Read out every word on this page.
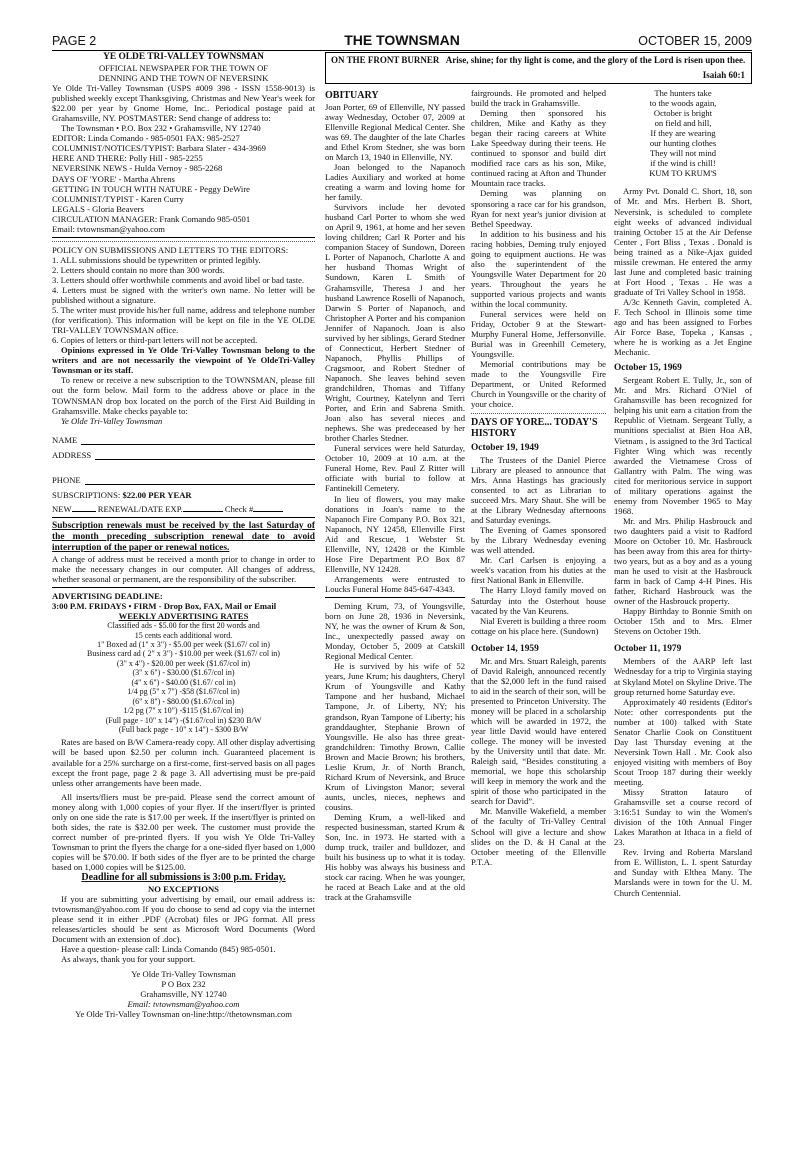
PAGE 2	THE TOWNSMAN	OCTOBER 15, 2009
YE OLDE TRI-VALLEY TOWNSMAN
OFFICIAL NEWSPAPER FOR THE TOWN OF
DENNING AND THE TOWN OF NEVERSINK

Ye Olde Tri-Valley Townsman (USPS #009 398 - ISSN 1558-9013) is published weekly except Thanksgiving, Christmas and New Year's week for $22.00 per year by Gnome Home, Inc.. Periodical postage paid at Grahamsville, NY. POSTMASTER: Send change of address to:

The Townsman • P.O. Box 232 • Grahamsville, NY 12740

EDITOR: Linda Comando - 985-0501 FAX: 985-2527

COLUMNIST/NOTICES/TYPIST: Barbara Slater - 434-3969

HERE AND THERE: Polly Hill - 985-2255

NEVERSINK NEWS - Hulda Vernoy - 985-2268

DAYS OF 'YORE' - Martha Ahrens

GETTING IN TOUCH WITH NATURE - Peggy DeWire

COLUMNIST/TYPIST - Karen Curry

LEGALS - Gloria Beavers

CIRCULATION MANAGER: Frank Comando 985-0501

Email: tvtownsman@yahoo.com

POLICY ON SUBMISSIONS AND LETTERS TO THE EDITORS:

1. ALL submissions should be typewritten or printed legibly.

2. Letters should contain no more than 300 words.

3. Letters should offer worthwhile comments and avoid libel or bad taste.

4. Letters must be signed with the writer's own name. No letter will be published without a signature.

5. The writer must provide his/her full name, address and telephone number (for verification). This information will be kept on file in the YE OLDE TRI-VALLEY TOWNSMAN office.

6. Copies of letters or third-part letters will not be accepted.

Opinions expressed in Ye Olde Tri-Valley Townsman belong to the writers and are not necessarily the viewpoint of Ye OldeTri-Valley Townsman or its staff.

To renew or receive a new subscription to the TOWNSMAN, please fill out the form below. Mail form to the address above or place in the TOWNSMAN drop box located on the porch of the First Aid Building in Grahamsville. Make checks payable to:

Ye Olde Tri-Valley Townsman

NAME
ADDRESS
PHONE

SUBSCRIPTIONS: $22.00 PER YEAR

NEW	RENEWAL/DATE EXP.	Check #

Subscription renewals must be received by the last Saturday of the month preceding subscription renewal date to avoid interruption of the paper or renewal notices.

A change of address must be received a month prior to change in order to make the necessary changes in our computer. All changes of address, whether seasonal or permanent, are the responsibility of the subscriber.

ADVERTISING DEADLINE:

3:00 P.M. FRIDAYS • FIRM - Drop Box, FAX, Mail or Email

WEEKLY ADVERTISING RATES
Classified ads - $5.00 for the first 20 words and
15 cents each additional word.
1" Boxed ad (1" x 3") - $5.00 per week ($1.67/ col in)
Business card ad ( 2" x 3") - $10.00 per week ($1.67/ col in)
(3" x 4") - $20.00 per week ($1.67/col in)
(3" x 6") - $30.00 ($1.67/col in)
(4" x 6") - $40.00 ($1.67/ col in)
1/4 pg (5" x 7") -$58 ($1.67/col in)
(6" x 8") - $80.00 ($1.67/col in)
1/2 pg (7" x 10") -$115 ($1.67/col in)
(Full page - 10" x 14") -($1.67/col in) $230 B/W
(Full back page - 10" x 14") - $300 B/W

Rates are based on B/W Camera-ready copy. All other display advertising will be based upon $2.50 per column inch. Guaranteed placement is available for a 25% surcharge on a first-come, first-served basis on all pages except the front page, page 2 & page 3. All advertising must be pre-paid unless other arrangements have been made.

All inserts/fliers must be pre-paid. Please send the correct amount of money along with 1,000 copies of your flyer. If the insert/flyer is printed only on one side the rate is $17.00 per week. If the insert/flyer is printed on both sides, the rate is $32.00 per week. The customer must provide the correct number of pre-printed flyers. If you wish Ye Olde Tri-Valley Townsman to print the flyers the charge for a one-sided flyer based on 1,000 copies will be $70.00. If both sides of the flyer are to be printed the charge based on 1,000 copies will be $125.00.

Deadline for all submissions is 3:00 p.m. Friday.
NO EXCEPTIONS

If you are submitting your advertising by email, our email address is: tvtownsman@yahoo.com If you do choose to send ad copy via the internet please send it in either .PDF (Acrobat) files or JPG format. All press releases/articles should be sent as Microsoft Word Documents (Word Document with an extension of .doc).

Have a question- please call: Linda Comando (845) 985-0501.

As always, thank you for your support.

Ye Olde Tri-Valley Townsman
P O Box 232
Grahamsville, NY 12740
Email: tvtownsman@yahoo.com
Ye Olde Tri-Valley Townsman on-line:http://thetownsman.com
ON THE FRONT BURNER Arise, shine; for thy light is come, and the glory of the Lord is risen upon thee.
Isaiah 60:1
OBITUARY

Joan Porter, 69 of Ellenville, NY passed away Wednesday, October 07, 2009 at Ellenville Regional Medical Center. She was 69. The daughter of the late Charles and Ethel Krom Stedner, she was born on March 13, 1940 in Ellenville, NY.

Joan belonged to the Napanoch Ladies Auxiliary and worked at home creating a warm and loving home for her family.

Survivors include her devoted husband Carl Porter to whom she wed on April 9, 1961, at home and her seven loving children; Carl R Porter and his companion Stacey of Sundown, Doreen L Porter of Napanoch, Charlotte A and her husband Thomas Wright of Sundown, Karen L Smith of Grahamsville, Theresa J and her husband Lawrence Roselli of Napanoch, Darwin S Porter of Napanoch, and Christopher A Porter and his companion Jennifer of Napanoch. Joan is also survived by her siblings, Gerard Stedner of Connecticut, Herbert Stedner of Napanoch, Phyllis Phillips of Cragsmoor, and Robert Stedner of Napanoch. She leaves behind seven grandchildren, Thomas and Tiffany Wright, Courtney, Katelynn and Terri Porter, and Erin and Sabrena Smith. Joan also has several nieces and nephews. She was predeceased by her brother Charles Stedner.

Funeral services were held Saturday, October 10, 2009 at 10 a.m. at the Funeral Home, Rev. Paul Z Ritter will officiate with burial to follow at Fantinekill Cemetery.

In lieu of flowers, you may make donations in Joan's name to the Napanoch Fire Company P.O. Box 321, Napanoch, NY 12458, Ellenville First Aid and Rescue, 1 Webster St. Ellenville, NY, 12428 or the Kimble Hose Fire Department P.O Box 87 Ellenville, NY 12428.

Arrangements were entrusted to Loucks Funeral Home 845-647-4343.

Deming Krum, 73, of Youngsville, born on June 28, 1936 in Neversink, NY, he was the owner of Krum & Son, Inc., unexpectedly passed away on Monday, October 5, 2009 at Catskill Regional Medical Center.

He is survived by his wife of 52 years, June Krum; his daughters, Cheryl Krum of Youngsville and Kathy Tampone and her husband, Michael Tampone, Jr. of Liberty, NY; his grandson, Ryan Tampone of Liberty; his granddaughter, Stephanie Brown of Youngsville. He also has three great-grandchildren: Timothy Brown, Callie Brown and Macie Brown; his brothers, Leslie Krum, Jr. of North Branch, Richard Krum of Neversink, and Bruce Krum of Livingston Manor; several aunts, uncles, nieces, nephews and cousins.

Deming Krum, a well-liked and respected businessman, started Krum & Son, Inc. in 1973. He started with a dump truck, trailer and bulldozer, and built his business up to what it is today. His hobby was always his business and stock car racing. When he was younger, he raced at Beach Lake and at the old track at the Grahamsville

fairgrounds. He promoted and helped build the track in Grahamsville.

Deming then sponsored his children, Mike and Kathy as they began their racing careers at White Lake Speedway during their teens. He continued to sponsor and build dirt modified race cars as his son, Mike, continued racing at Afton and Thunder Mountain race tracks.

Deming was planning on sponsoring a race car for his grandson, Ryan for next year's junior division at Bethel Speedway.

In addition to his business and his racing hobbies, Deming truly enjoyed going to equipment auctions. He was also the superintendent of the Youngsville Water Department for 20 years. Throughout the years he supported various projects and wants within the local community.

Funeral services were held on Friday, October 9 at the Stewart-Murphy Funeral Home, Jeffersonville. Burial was in Greenhill Cemetery, Youngsville.

Memorial contributions may be made to the Youngsville Fire Department, or United Reformed Church in Youngsville or the charity of your choice.

DAYS OF YORE... TODAY'S HISTORY
October 19, 1949

The Trustees of the Daniel Pierce Library are pleased to announce that Mrs. Anna Hastings has graciously consented to act as Librarian to succeed Mrs. Mary Shaut. She will be at the Library Wednesday afternoons and Saturday evenings.

The Evening of Games sponsored by the Library Wednesday evening was well attended.

Mr. Carl Carlsen is enjoying a week's vacation from his duties at the first National Bank in Ellenville.

The Harry Lloyd family moved on Saturday into the Osterhout house vacated by the Van Keurens.

Nial Everett is building a three room cottage on his place here. (Sundown)

October 14, 1959

Mr. and Mrs. Stuart Raleigh, parents of David Raleigh, announced recently that the $2,000 left in the fund raised to aid in the search of their son, will be presented to Princeton University. The money will be placed in a scholarship which will be awarded in 1972, the year little David would have entered college. The money will be invested by the University until that date. Mr. Raleigh said, “Besides constituting a memorial, we hope this scholarship will keep in memory the work and the spirit of those who participated in the search for David”.

Mr. Manville Wakefield, a member of the faculty of Tri-Valley Central School will give a lecture and show slides on the D. & H Canal at the October meeting of the Ellenville P.T.A.

The hunters take
to the woods again,
October is bright
on field and hill,
If they are wearing
our hunting clothes
They will not mind
if the wind is chill!
KUM TO KRUM'S

Army Pvt. Donald C. Short, 18, son of Mr. and Mrs. Herbert B. Short, Neversink, is scheduled to complete eight weeks of advanced individual training October 15 at the Air Defense Center , Fort Bliss , Texas . Donald is being trained as a Nike-Ajax guided missile crewman. He entered the army last June and completed basic training at Fort Hood , Texas . He was a graduate of Tri Valley School in 1958.

A/3c Kenneth Gavin, completed A. F. Tech School in Illinois some time ago and has been assigned to Forbes Air Force Base, Topeka , Kansas , where he is working as a Jet Engine Mechanic.

October 15, 1969

Sergeant Robert E. Tully, Jr., son of Mr. and Mrs. Richard O'Niel of Grahamsville has been recognized for helping his unit earn a citation from the Republic of Vietnam. Sergeant Tully, a munitions specialist at Bien Hoa AB, Vietnam , is assigned to the 3rd Tactical Fighter Wing which was recently awarded the Vietnamese Cross of Gallantry with Palm. The wing was cited for meritorious service in support of military operations against the enemy from November 1965 to May 1968.

Mr. and Mrs. Philip Hasbrouck and two daughters paid a visit to Radford Moore on October 10. Mr. Hasbrouck has been away from this area for thirty-two years, but as a boy and as a young man he used to visit at the Hasbrouck farm in back of Camp 4-H Pines. His father, Richard Hasbrouck was the owner of the Hasbrouck property.

Happy Birthday to Bonnie Smith on October 15th and to Mrs. Elmer Stevens on October 19th.

October 11, 1979

Members of the AARP left last Wednesday for a trip to Virginia staying at Skyland Motel on Skyline Drive. The group returned home Saturday eve.

Approximately 40 residents (Editor's Note: other correspondents put the number at 100) talked with State Senator Charlie Cook on Constituent Day last Thursday evening at the Neversink Town Hall . Mr. Cook also enjoyed visiting with members of Boy Scout Troop 187 during their weekly meeting.

Missy Stratton Iatauro of Grahamsville set a course record of 3:16:51 Sunday to win the Women's division of the 10th Annual Finger Lakes Marathon at Ithaca in a field of 23.

Rev. Irving and Roberta Marsland from E. Williston, L. I. spent Saturday and Sunday with Elthea Many. The Marslands were in town for the U. M. Church Centennial.
